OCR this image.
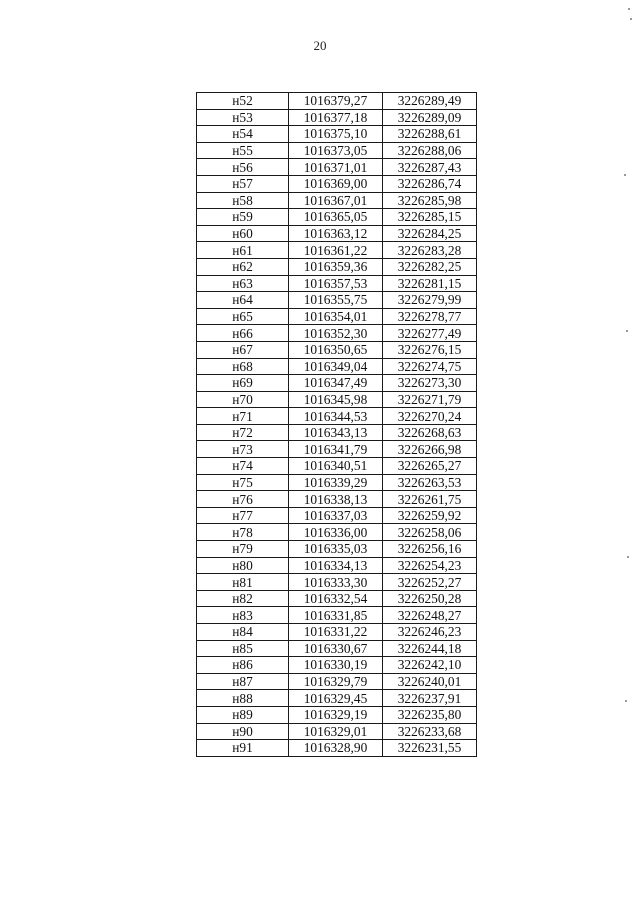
20
н52	1016379,27	3226289,49
н53	1016377,18	3226289,09
н54	1016375,10	3226288,61
н55	1016373,05	3226288,06
н56	1016371,01	3226287,43
н57	1016369,00	3226286,74
н58	1016367,01	3226285,98
н59	1016365,05	3226285,15
н60	1016363,12	3226284,25
н61	1016361,22	3226283,28
н62	1016359,36	3226282,25
н63	1016357,53	3226281,15
н64	1016355,75	3226279,99
н65	1016354,01	3226278,77
н66	1016352,30	3226277,49
н67	1016350,65	3226276,15
н68	1016349,04	3226274,75
н69	1016347,49	3226273,30
н70	1016345,98	3226271,79
н71	1016344,53	3226270,24
н72	1016343,13	3226268,63
н73	1016341,79	3226266,98
н74	1016340,51	3226265,27
н75	1016339,29	3226263,53
н76	1016338,13	3226261,75
н77	1016337,03	3226259,92
н78	1016336,00	3226258,06
н79	1016335,03	3226256,16
н80	1016334,13	3226254,23
н81	1016333,30	3226252,27
н82	1016332,54	3226250,28
н83	1016331,85	3226248,27
н84	1016331,22	3226246,23
н85	1016330,67	3226244,18
н86	1016330,19	3226242,10
н87	1016329,79	3226240,01
н88	1016329,45	3226237,91
н89	1016329,19	3226235,80
н90	1016329,01	3226233,68
н91	1016328,90	3226231,55
